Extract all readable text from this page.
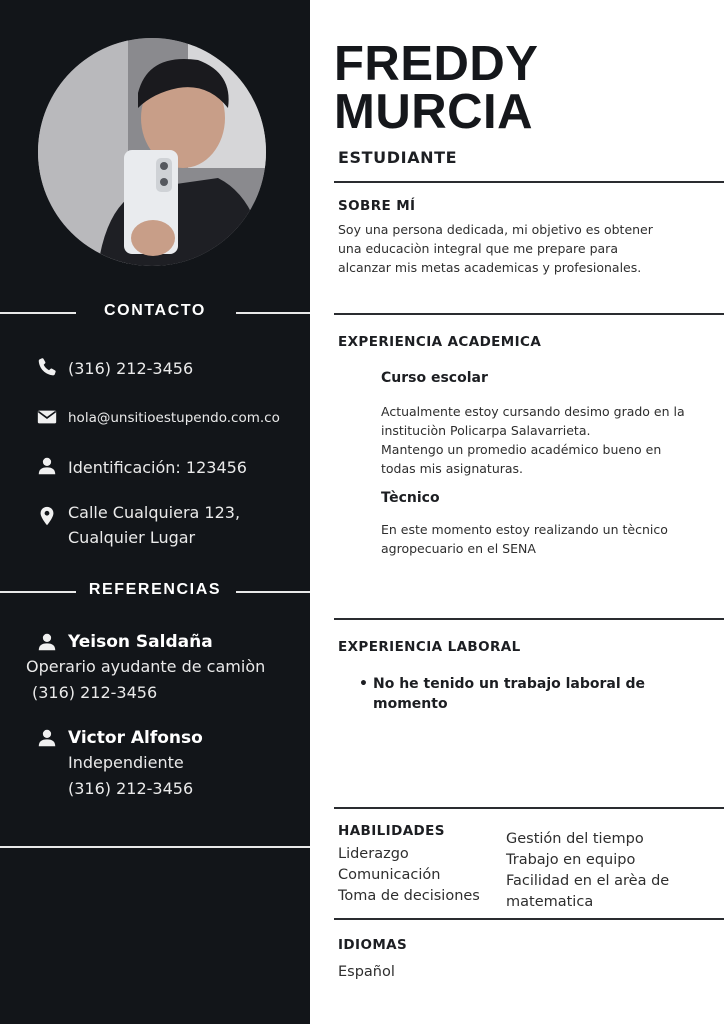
CONTACTO
(316) 212-3456
hola@unsitioestupendo.com.co
Identificación: 123456
Calle Cualquiera 123,
Cualquier Lugar
REFERENCIAS
Yeison Saldaña
Operario ayudante de camiòn
(316) 212-3456
Victor Alfonso
Independiente
(316) 212-3456
FREDDY
MURCIA
ESTUDIANTE
SOBRE MÍ
Soy una persona dedicada, mi objetivo es obtener
una educaciòn integral que me prepare para
alcanzar mis metas academicas y profesionales.
EXPERIENCIA ACADEMICA
Curso escolar
Actualmente estoy cursando desimo grado en la
instituciòn Policarpa Salavarrieta.
Mantengo un promedio académico bueno en
todas mis asignaturas.
Tècnico
En este momento estoy realizando un tècnico
agropecuario en el SENA
EXPERIENCIA LABORAL
• No he tenido un trabajo laboral de
momento
HABILIDADES
Liderazgo
Comunicación
Toma de decisiones
Gestión del tiempo
Trabajo en equipo
Facilidad en el arèa de
matematica
IDIOMAS
Español
